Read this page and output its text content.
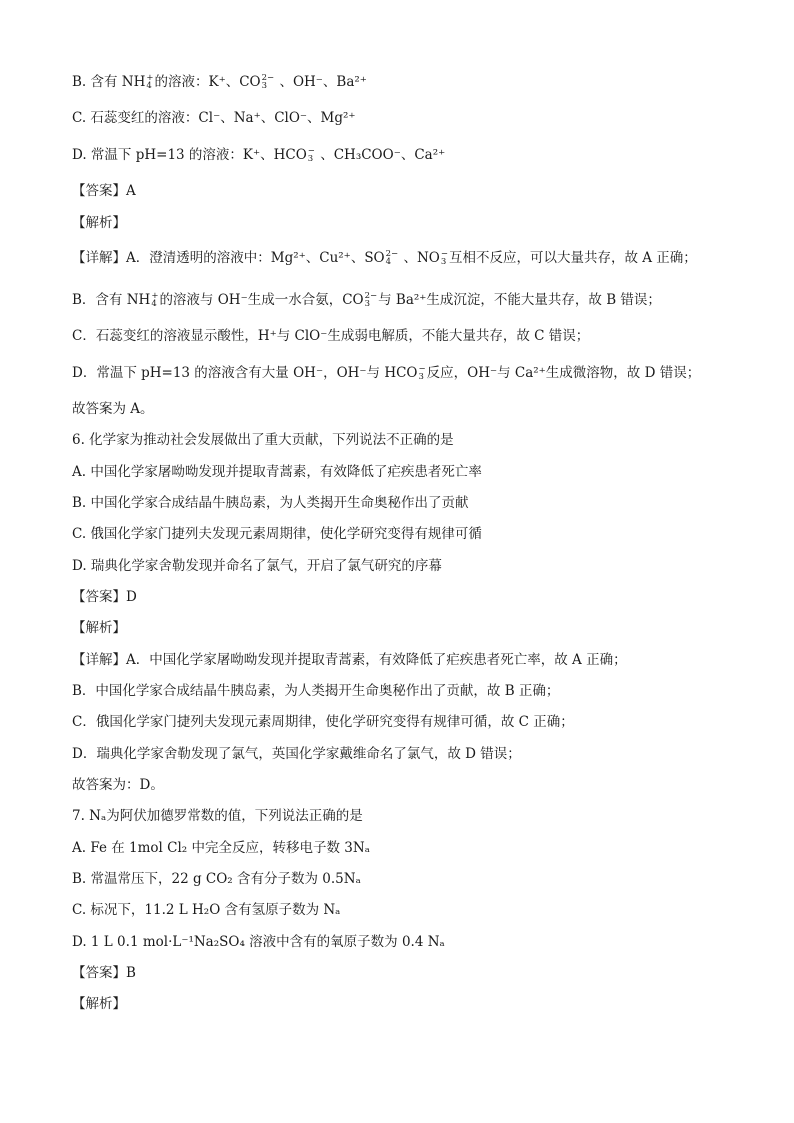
B. 含有 NH +
4 的溶液：K⁺、CO 2−
3 、OH⁻、Ba²⁺
C. 石蕊变红的溶液：Cl⁻、Na⁺、ClO⁻、Mg²⁺
D. 常温下 pH=13 的溶液：K⁺、HCO −
3 、CH₃COO⁻、Ca²⁺
【答案】A
【解析】
【详解】A．澄清透明的溶液中：Mg²⁺、Cu²⁺、SO 2−
4 、NO −
3 互相不反应，可以大量共存，故 A 正确；
B．含有 NH +
4 的溶液与 OH⁻生成一水合氨，CO 2−
3 与 Ba²⁺生成沉淀，不能大量共存，故 B 错误；
C．石蕊变红的溶液显示酸性，H⁺与 ClO⁻生成弱电解质，不能大量共存，故 C 错误；
D．常温下 pH=13 的溶液含有大量 OH⁻，OH⁻与 HCO −
3 反应，OH⁻与 Ca²⁺生成微溶物，故 D 错误；
故答案为 A。
6. 化学家为推动社会发展做出了重大贡献，下列说法不正确的是
A. 中国化学家屠呦呦发现并提取青蒿素，有效降低了疟疾患者死亡率
B. 中国化学家合成结晶牛胰岛素，为人类揭开生命奥秘作出了贡献
C. 俄国化学家门捷列夫发现元素周期律，使化学研究变得有规律可循
D. 瑞典化学家舍勒发现并命名了氯气，开启了氯气研究的序幕
【答案】D
【解析】
【详解】A．中国化学家屠呦呦发现并提取青蒿素，有效降低了疟疾患者死亡率，故 A 正确；
B．中国化学家合成结晶牛胰岛素，为人类揭开生命奥秘作出了贡献，故 B 正确；
C．俄国化学家门捷列夫发现元素周期律，使化学研究变得有规律可循，故 C 正确；
D．瑞典化学家舍勒发现了氯气，英国化学家戴维命名了氯气，故 D 错误；
故答案为：D。
7. Nₐ为阿伏加德罗常数的值，下列说法正确的是
A. Fe 在 1mol Cl₂ 中完全反应，转移电子数 3Nₐ
B. 常温常压下，22 g CO₂ 含有分子数为 0.5Nₐ
C. 标况下，11.2 L H₂O 含有氢原子数为 Nₐ
D. 1 L 0.1 mol·L⁻¹Na₂SO₄ 溶液中含有的氧原子数为 0.4 Nₐ
【答案】B
【解析】
